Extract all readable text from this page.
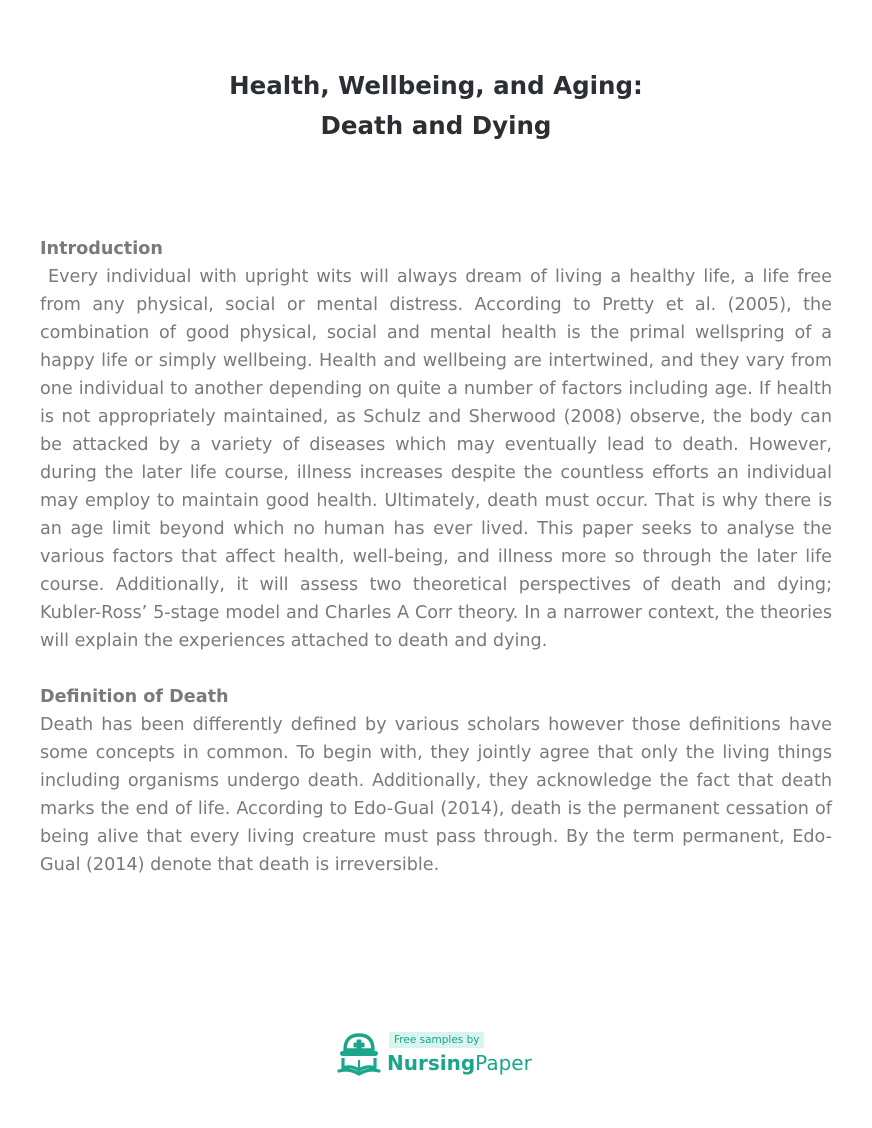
Health, Wellbeing, and Aging:
Death and Dying
Introduction
Every individual with upright wits will always dream of living a healthy life, a life free from any physical, social or mental distress. According to Pretty et al. (2005), the combination of good physical, social and mental health is the primal wellspring of a happy life or simply wellbeing. Health and wellbeing are intertwined, and they vary from one individual to another depending on quite a number of factors including age. If health is not appropriately maintained, as Schulz and Sherwood (2008) observe, the body can be attacked by a variety of diseases which may eventually lead to death. However, during the later life course, illness increases despite the countless efforts an individual may employ to maintain good health. Ultimately, death must occur. That is why there is an age limit beyond which no human has ever lived. This paper seeks to analyse the various factors that affect health, well-being, and illness more so through the later life course. Additionally, it will assess two theoretical perspectives of death and dying; Kubler-Ross’ 5-stage model and Charles A Corr theory. In a narrower context, the theories will explain the experiences attached to death and dying.
Definition of Death
Death has been differently defined by various scholars however those definitions have some concepts in common. To begin with, they jointly agree that only the living things including organisms undergo death. Additionally, they acknowledge the fact that death marks the end of life. According to Edo-Gual (2014), death is the permanent cessation of being alive that every living creature must pass through. By the term permanent, Edo-Gual (2014) denote that death is irreversible.
Free samples by
NursingPaper
